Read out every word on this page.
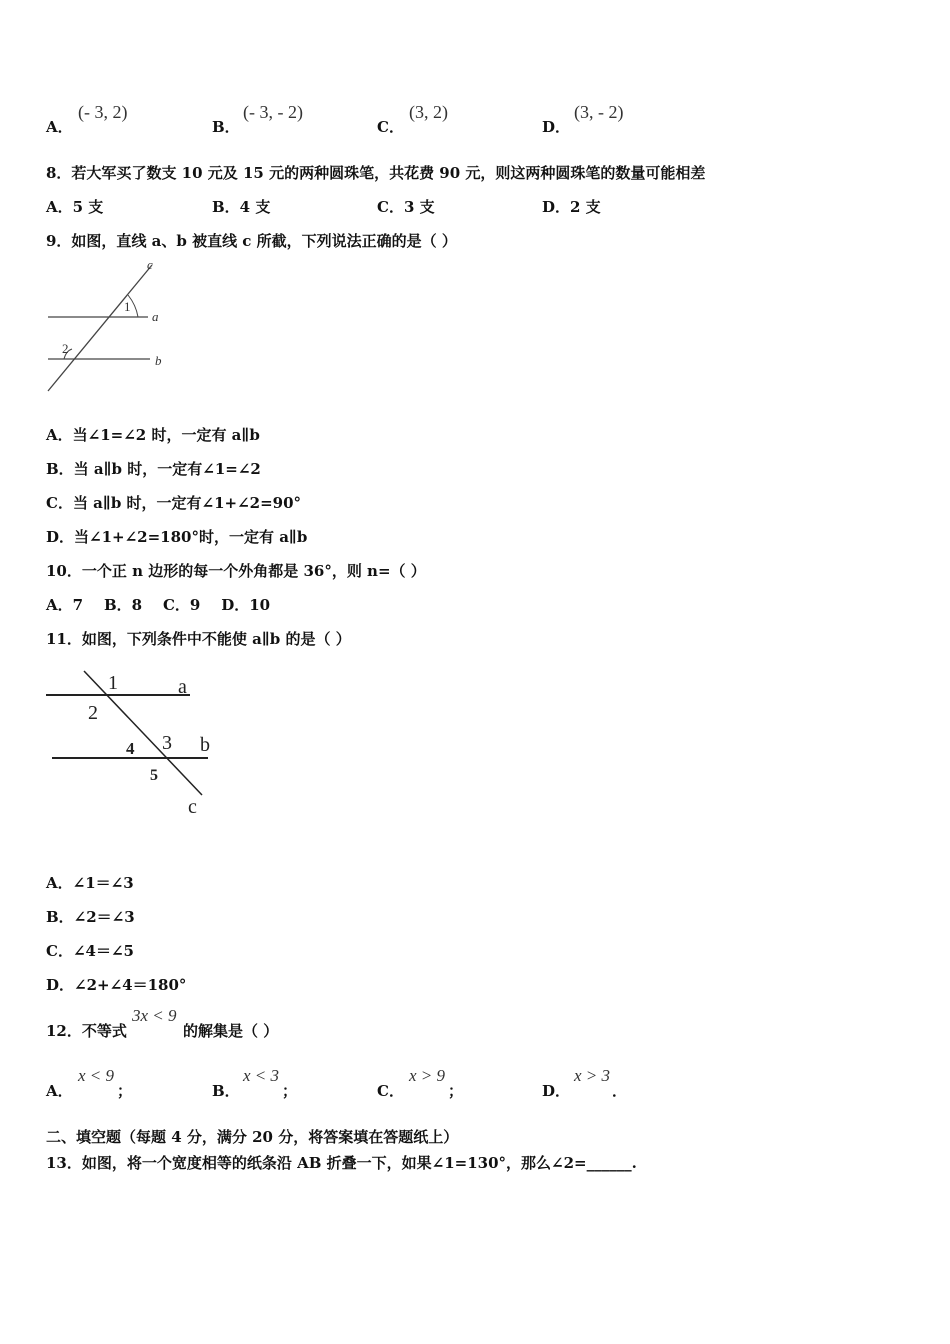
A．
(- 3, 2)
B．
(- 3, - 2)
C．
(3, 2)
D．
(3, - 2)
8．若大军买了数支 10 元及 15 元的两种圆珠笔，共花费 90 元，则这两种圆珠笔的数量可能相差
A．5 支	B．4 支	C．3 支	D．2 支
9．如图，直线 a、b 被直线 c 所截，下列说法正确的是（ ）
c
1
a
2
b
A．当∠1=∠2 时，一定有 a∥b
B．当 a∥b 时，一定有∠1=∠2
C．当 a∥b 时，一定有∠1+∠2=90°
D．当∠1+∠2=180°时，一定有 a∥b
10．一个正 n 边形的每一个外角都是 36°，则 n=（ ）
A．7    B．8    C．9    D．10
11．如图，下列条件中不能使 a∥b 的是（ ）
1	a
2
4 3 b
5
c
A．∠1＝∠3
B．∠2＝∠3
C．∠4＝∠5
D．∠2+∠4＝180°
12．不等式
3x < 9
的解集是（ ）
A．
x < 9
；	B．
x < 3
；	C．
x > 9
；	D．
x > 3
．
二、填空题（每题 4 分，满分 20 分，将答案填在答题纸上）
13．如图，将一个宽度相等的纸条沿 AB 折叠一下，如果∠1=130°，那么∠2=______.
